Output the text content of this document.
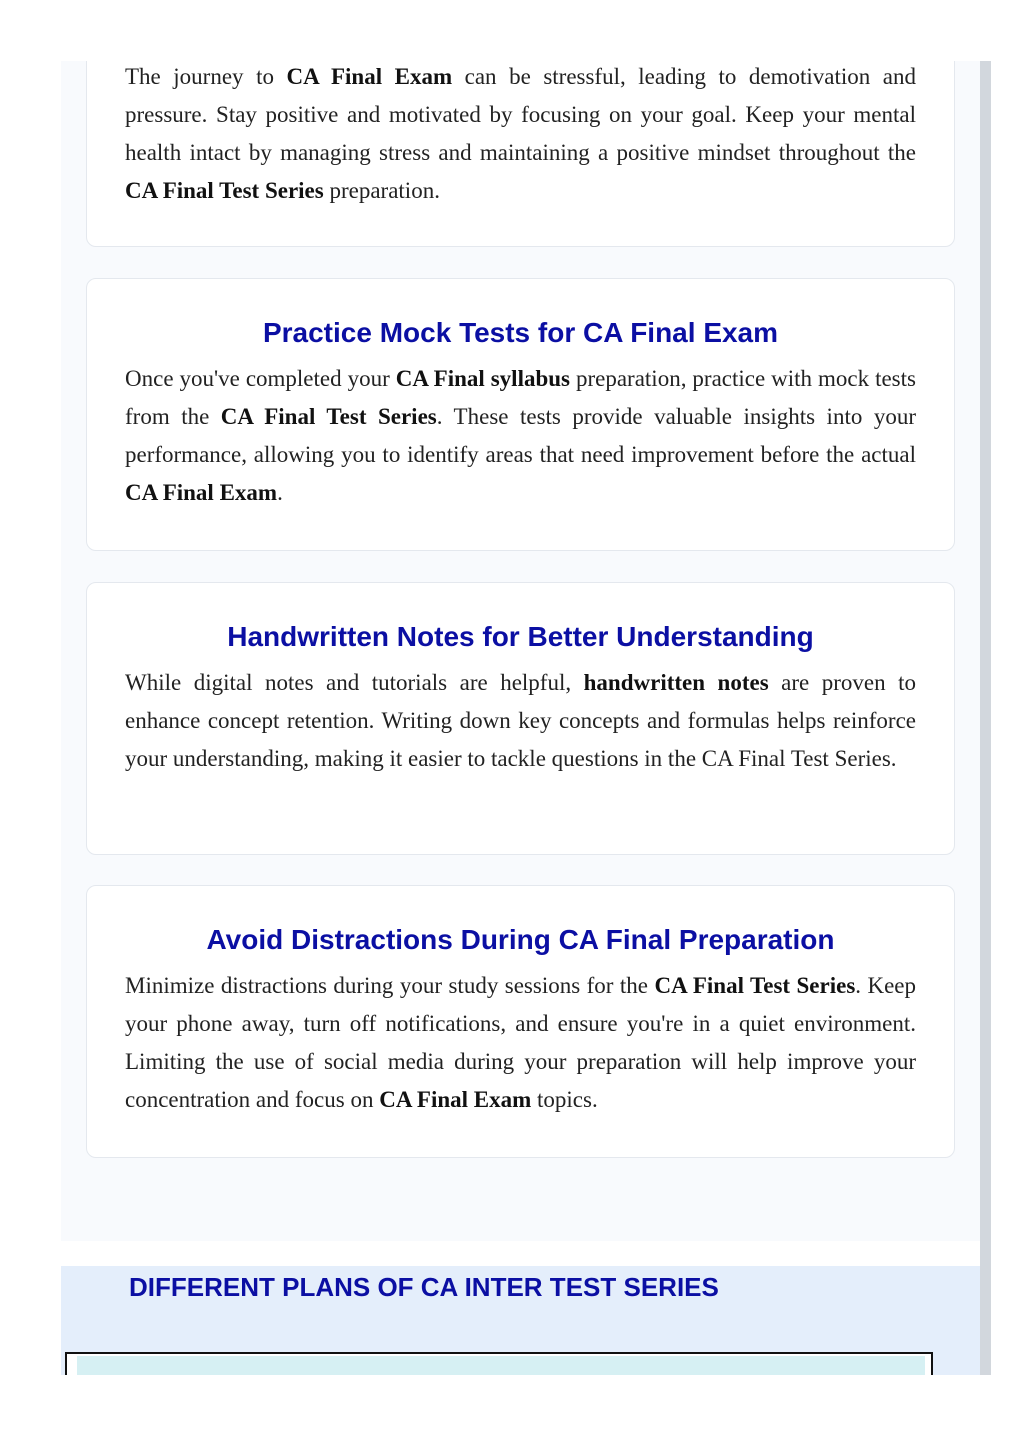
The journey to CA Final Exam can be stressful, leading to demotivation and pressure. Stay positive and motivated by focusing on your goal. Keep your mental health intact by managing stress and maintaining a positive mindset throughout the CA Final Test Series preparation.

Practice Mock Tests for CA Final Exam

Once you've completed your CA Final syllabus preparation, practice with mock tests from the CA Final Test Series. These tests provide valuable insights into your performance, allowing you to identify areas that need improvement before the actual CA Final Exam.

Handwritten Notes for Better Understanding

While digital notes and tutorials are helpful, handwritten notes are proven to enhance concept retention. Writing down key concepts and formulas helps reinforce your understanding, making it easier to tackle questions in the CA Final Test Series.

Avoid Distractions During CA Final Preparation

Minimize distractions during your study sessions for the CA Final Test Series. Keep your phone away, turn off notifications, and ensure you're in a quiet environment. Limiting the use of social media during your preparation will help improve your concentration and focus on CA Final Exam topics.

DIFFERENT PLANS OF CA INTER TEST SERIES
